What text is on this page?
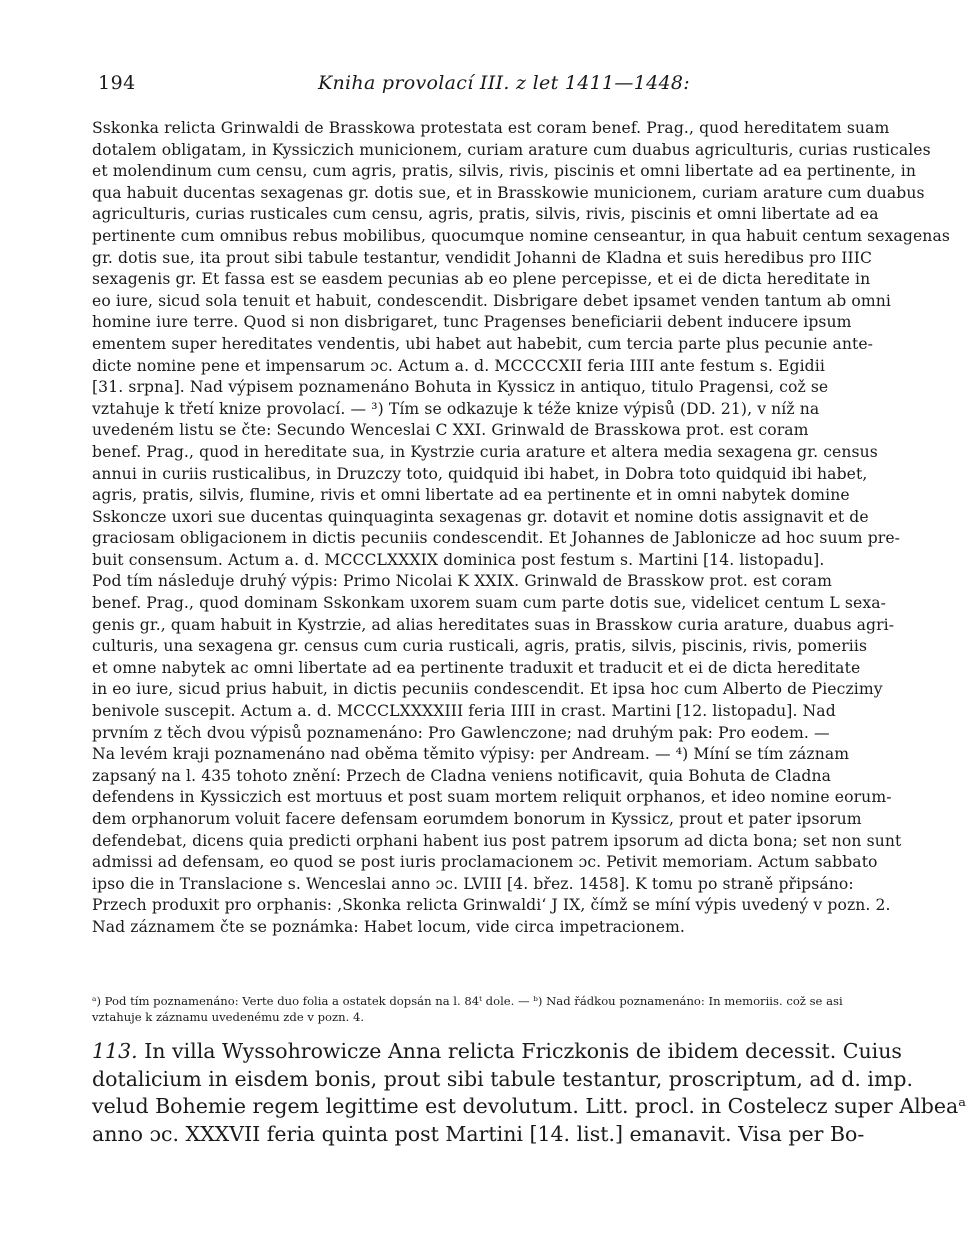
194	Kniha provolací III. z let 1411—1448:
Sskonka relicta Grinwaldi de Brasskowa protestata est coram benef. Prag., quod hereditatem suam
dotalem obligatam, in Kyssiczich municionem, curiam arature cum duabus agriculturis, curias rusticales
et molendinum cum censu, cum agris, pratis, silvis, rivis, piscinis et omni libertate ad ea pertinente, in
qua habuit ducentas sexagenas gr. dotis sue, et in Brasskowie municionem, curiam arature cum duabus
agriculturis, curias rusticales cum censu, agris, pratis, silvis, rivis, piscinis et omni libertate ad ea
pertinente cum omnibus rebus mobilibus, quocumque nomine censeantur, in qua habuit centum sexagenas
gr. dotis sue, ita prout sibi tabule testantur, vendidit Johanni de Kladna et suis heredibus pro IIIC
sexagenis gr. Et fassa est se easdem pecunias ab eo plene percepisse, et ei de dicta hereditate in
eo iure, sicud sola tenuit et habuit, condescendit. Disbrigare debet ipsamet venden tantum ab omni
homine iure terre. Quod si non disbrigaret, tunc Pragenses beneficiarii debent inducere ipsum
ementem super hereditates vendentis, ubi habet aut habebit, cum tercia parte plus pecunie ante-
dicte nomine pene et impensarum ɔc. Actum a. d. MCCCCXII feria IIII ante festum s. Egidii
[31. srpna]. Nad výpisem poznamenáno Bohuta in Kyssicz in antiquo, titulo Pragensi, což se
vztahuje k třetí knize provolací. — ³) Tím se odkazuje k téže knize výpisů (DD. 21), v níž na
uvedeném listu se čte: Secundo Wenceslai C XXI. Grinwald de Brasskowa prot. est coram
benef. Prag., quod in hereditate sua, in Kystrzie curia arature et altera media sexagena gr. census
annui in curiis rusticalibus, in Druzczy toto, quidquid ibi habet, in Dobra toto quidquid ibi habet,
agris, pratis, silvis, flumine, rivis et omni libertate ad ea pertinente et in omni nabytek domine
Sskoncze uxori sue ducentas quinquaginta sexagenas gr. dotavit et nomine dotis assignavit et de
graciosam obligacionem in dictis pecuniis condescendit. Et Johannes de Jablonicze ad hoc suum pre-
buit consensum. Actum a. d. MCCCLXXXIX dominica post festum s. Martini [14. listopadu].
Pod tím následuje druhý výpis: Primo Nicolai K XXIX. Grinwald de Brasskow prot. est coram
benef. Prag., quod dominam Sskonkam uxorem suam cum parte dotis sue, videlicet centum L sexa-
genis gr., quam habuit in Kystrzie, ad alias hereditates suas in Brasskow curia arature, duabus agri-
culturis, una sexagena gr. census cum curia rusticali, agris, pratis, silvis, piscinis, rivis, pomeriis
et omne nabytek ac omni libertate ad ea pertinente traduxit et traducit et ei de dicta hereditate
in eo iure, sicud prius habuit, in dictis pecuniis condescendit. Et ipsa hoc cum Alberto de Pieczimy
benivole suscepit. Actum a. d. MCCCLXXXXIII feria IIII in crast. Martini [12. listopadu]. Nad
prvním z těch dvou výpisů poznamenáno: Pro Gawlenczone; nad druhým pak: Pro eodem. —
Na levém kraji poznamenáno nad oběma těmito výpisy: per Andream. — ⁴) Míní se tím záznam
zapsaný na l. 435 tohoto znění: Przech de Cladna veniens notificavit, quia Bohuta de Cladna
defendens in Kyssiczich est mortuus et post suam mortem reliquit orphanos, et ideo nomine eorum-
dem orphanorum voluit facere defensam eorumdem bonorum in Kyssicz, prout et pater ipsorum
defendebat, dicens quia predicti orphani habent ius post patrem ipsorum ad dicta bona; set non sunt
admissi ad defensam, eo quod se post iuris proclamacionem ɔc. Petivit memoriam. Actum sabbato
ipso die in Translacione s. Wenceslai anno ɔc. LVIII [4. břez. 1458]. K tomu po straně připsáno:
Przech produxit pro orphanis: ‚Skonka relicta Grinwaldi‘ J IX, čímž se míní výpis uvedený v pozn. 2.
Nad záznamem čte se poznámka: Habet locum, vide circa impetracionem.
ᵃ) Pod tím poznamenáno: Verte duo folia a ostatek dopsán na l. 84ᵗ dole. — ᵇ) Nad řádkou poznamenáno: In memoriis. což se asi vztahuje k záznamu uvedenému zde v pozn. 4.
113. In villa Wyssohrowicze Anna relicta Friczkonis de ibidem decessit. Cuius
dotalicium in eisdem bonis, prout sibi tabule testantur, proscriptum, ad d. imp.
velud Bohemie regem legittime est devolutum. Litt. procl. in Costelecz super Albeaᵃ
anno ɔc. XXXVII feria quinta post Martini [14. list.] emanavit. Visa per Bo-
